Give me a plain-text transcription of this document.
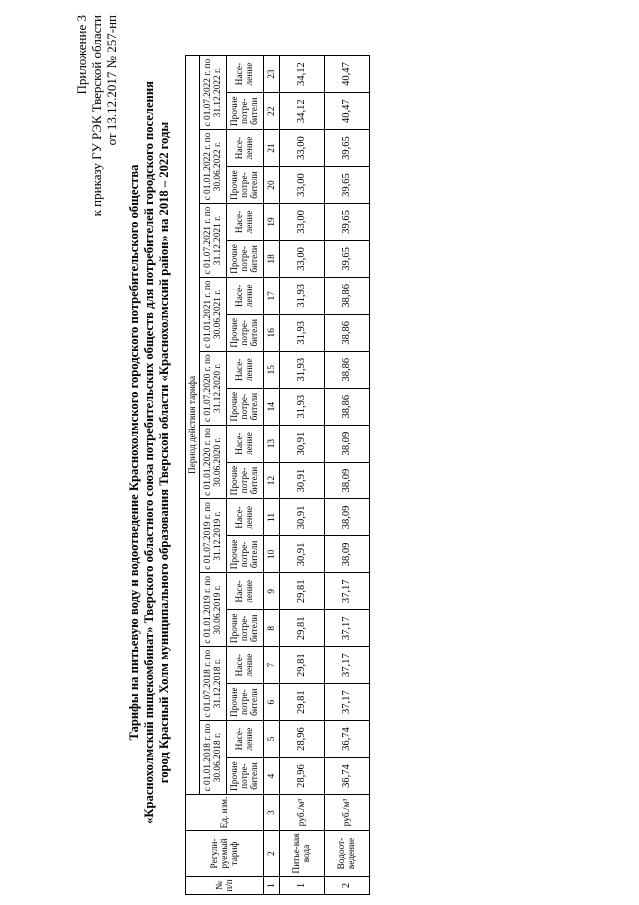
Приложение 3 к приказу ГУ РЭК Тверской области от 13.12.2017 № 257-нп
Тарифы на питьевую воду и водоотведение Краснохолмского городского потребительского общества «Краснохолмский пищекомбинат» Тверского областного союза потребительских обществ для потребителей городского поселения город Красный Холм муниципального образования Тверской области «Краснохолмский район» на 2018 – 2022 годы
№ п/п	Регули-руемый тариф	Ед. изм.	Период действия тарифа																			
			с 01.01.2018 г. по 30.06.2018 г.		с 01.07.2018 г. по 31.12.2018 г.		с 01.01.2019 г. по 30.06.2019 г.		с 01.07.2019 г. по 31.12.2019 г.		с 01.01.2020 г. по 30.06.2020 г.		с 01.07.2020 г. по 31.12.2020 г.		с 01.01.2021 г. по 30.06.2021 г.		с 01.07.2021 г. по 31.12.2021 г.		с 01.01.2022 г. по 30.06.2022 г.		с 01.07.2022 г. по 31.12.2022 г.	
			Прочие потре-бители	Насе-ление	Прочие потре-бители	Насе-ление	Прочие потре-бители	Насе-ление	Прочие потре-бители	Насе-ление	Прочие потре-бители	Насе-ление	Прочие потре-бители	Насе-ление	Прочие потре-бители	Насе-ление	Прочие потре-бители	Насе-ление	Прочие потре-бители	Насе-ление	Прочие потре-бители	Насе-ление
1	2	3	4	5	6	7	8	9	10	11	12	13	14	15	16	17	18	19	20	21	22	23
1	Питье-вая вода	руб./м³	28,96	28,96	29,81	29,81	29,81	29,81	30,91	30,91	30,91	30,91	31,93	31,93	31,93	31,93	33,00	33,00	33,00	33,00	34,12	34,12
2	Водоот-ведение	руб./м³	36,74	36,74	37,17	37,17	37,17	37,17	38,09	38,09	38,09	38,09	38,86	38,86	38,86	38,86	39,65	39,65	39,65	39,65	40,47	40,47
